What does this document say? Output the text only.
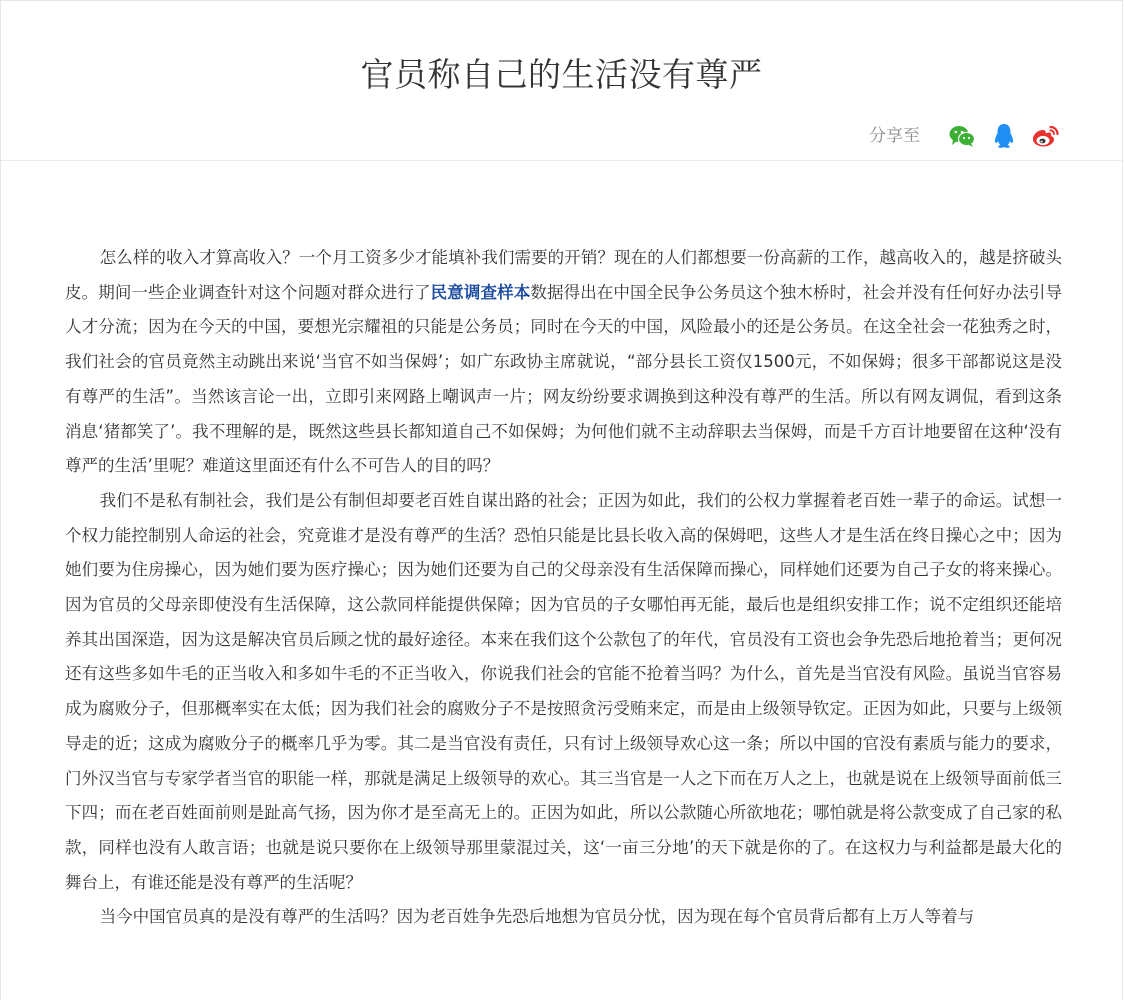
官员称自己的生活没有尊严
分享至

怎么样的收入才算高收入？一个月工资多少才能填补我们需要的开销？现在的人们都想要一份高薪的工作，越高收入的，越是挤破头皮。期间一些企业调查针对这个问题对群众进行了民意调查样本数据得出在中国全民争公务员这个独木桥时，社会并没有任何好办法引导人才分流；因为在今天的中国，要想光宗耀祖的只能是公务员；同时在今天的中国，风险最小的还是公务员。在这全社会一花独秀之时，我们社会的官员竟然主动跳出来说‘当官不如当保姆’；如广东政协主席就说，“部分县长工资仅1500元，不如保姆；很多干部都说这是没有尊严的生活”。当然该言论一出，立即引来网路上嘲讽声一片；网友纷纷要求调换到这种没有尊严的生活。所以有网友调侃，看到这条消息‘猪都笑了’。我不理解的是，既然这些县长都知道自己不如保姆；为何他们就不主动辞职去当保姆，而是千方百计地要留在这种‘没有尊严的生活’里呢？难道这里面还有什么不可告人的目的吗？

我们不是私有制社会，我们是公有制但却要老百姓自谋出路的社会；正因为如此，我们的公权力掌握着老百姓一辈子的命运。试想一个权力能控制别人命运的社会，究竟谁才是没有尊严的生活？恐怕只能是比县长收入高的保姆吧，这些人才是生活在终日操心之中；因为她们要为住房操心，因为她们要为医疗操心；因为她们还要为自己的父母亲没有生活保障而操心，同样她们还要为自己子女的将来操心。因为官员的父母亲即使没有生活保障，这公款同样能提供保障；因为官员的子女哪怕再无能，最后也是组织安排工作；说不定组织还能培养其出国深造，因为这是解决官员后顾之忧的最好途径。本来在我们这个公款包了的年代，官员没有工资也会争先恐后地抢着当；更何况还有这些多如牛毛的正当收入和多如牛毛的不正当收入，你说我们社会的官能不抢着当吗？为什么，首先是当官没有风险。虽说当官容易成为腐败分子，但那概率实在太低；因为我们社会的腐败分子不是按照贪污受贿来定，而是由上级领导钦定。正因为如此，只要与上级领导走的近；这成为腐败分子的概率几乎为零。其二是当官没有责任，只有讨上级领导欢心这一条；所以中国的官没有素质与能力的要求，门外汉当官与专家学者当官的职能一样，那就是满足上级领导的欢心。其三当官是一人之下而在万人之上，也就是说在上级领导面前低三下四；而在老百姓面前则是趾高气扬，因为你才是至高无上的。正因为如此，所以公款随心所欲地花；哪怕就是将公款变成了自己家的私款，同样也没有人敢言语；也就是说只要你在上级领导那里蒙混过关，这‘一亩三分地’的天下就是你的了。在这权力与利益都是最大化的舞台上，有谁还能是没有尊严的生活呢？

当今中国官员真的是没有尊严的生活吗？因为老百姓争先恐后地想为官员分忧，因为现在每个官员背后都有上万人等着与
